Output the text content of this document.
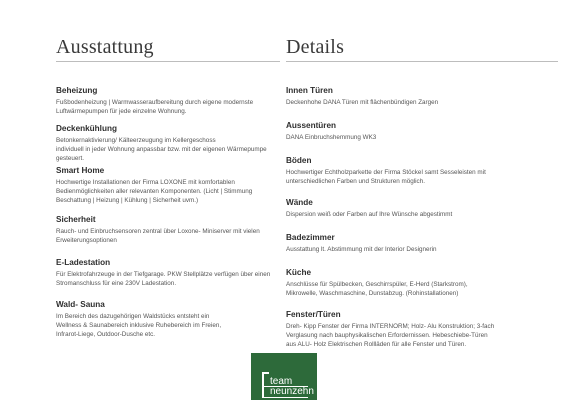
Ausstattung	Details
Beheizung

Fußbodenheizung | Warmwasseraufbereitung durch eigene modernste

Luftwärmepumpen für jede einzelne Wohnung.

Deckenkühlung

Betonkernaktivierung/ Kälteerzeugung im Kellergeschoss

individuell in jeder Wohnung anpassbar bzw. mit der eigenen Wärmepumpe

gesteuert.

Smart Home

Hochwertige Installationen der Firma LOXONE mit komfortablen

Bedienmöglichkeiten aller relevanten Komponenten. (Licht | Stimmung

Beschattung | Heizung | Kühlung | Sicherheit uvm.)

Sicherheit

Rauch- und Einbruchsensoren zentral über Loxone- Miniserver mit vielen

Erweiterungsoptionen

E-Ladestation

Für Elektrofahrzeuge in der Tiefgarage. PKW Stellplätze verfügen über einen

Stromanschluss für eine 230V Ladestation.

Wald- Sauna

Im Bereich des dazugehörigen Waldstücks entsteht ein

Wellness & Saunabereich inklusive Ruhebereich im Freien,

Infrarot-Liege, Outdoor-Dusche etc.

Innen Türen

Deckenhohe DANA Türen mit flächenbündigen Zargen

Aussentüren

DANA Einbruchshemmung WK3

Böden

Hochwertiger Echtholzparkette der Firma Stöckel samt Sesseleisten mit

unterschiedlichen Farben und Strukturen möglich.

Wände

Dispersion weiß oder Farben auf Ihre Wünsche abgestimmt

Badezimmer

Ausstattung lt. Abstimmung mit der Interior Designerin

Küche

Anschlüsse für Spülbecken, Geschirrspüler, E-Herd (Starkstrom),

Mikrowelle, Waschmaschine, Dunstabzug. (Rohinstallationen)

Fenster/Türen

Dreh- Kipp Fenster der Firma INTERNORM; Holz- Alu Konstruktion; 3-fach

Verglasung nach bauphysikalischen Erfordernissen. Hebeschiebe-Türen

aus ALU- Holz Elektrischen Rollläden für alle Fenster und Türen.

team
neunzehn
